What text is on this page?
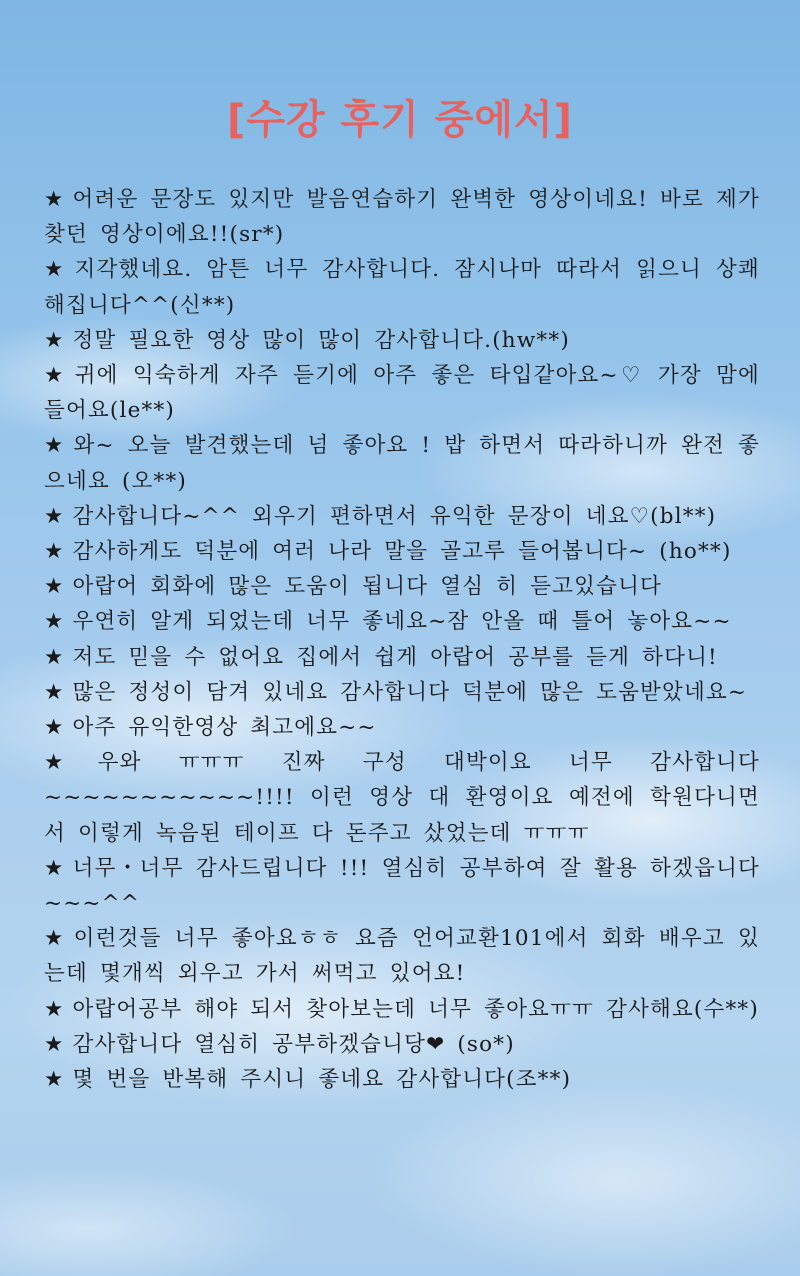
[수강 후기 중에서]
★ 어려운 문장도 있지만 발음연습하기 완벽한 영상이네요! 바로 제가 찾던 영상이에요!!(sr*)
★ 지각했네요. 암튼 너무 감사합니다. 잠시나마 따라서 읽으니 상쾌해집니다^^(신**)
★ 정말 필요한 영상 많이 많이 감사합니다.(hw**)
★ 귀에 익숙하게 자주 듣기에 아주 좋은 타입같아요~♡ 가장 맘에 들어요(le**)
★ 와~ 오늘 발견했는데 넘 좋아요 ! 밥 하면서 따라하니까 완전 좋으네요 (오**)
★ 감사합니다~^^ 외우기 편하면서 유익한 문장이 네요♡(bl**)
★ 감사하게도 덕분에 여러 나라 말을 골고루 들어봅니다~ (ho**)
★ 아랍어 회화에 많은 도움이 됩니다 열심 히 듣고있습니다
★ 우연히 알게 되었는데 너무 좋네요~잠 안올 때 틀어 놓아요~~
★ 저도 믿을 수 없어요 집에서 쉽게 아랍어 공부를 듣게 하다니!
★ 많은 정성이 담겨 있네요 감사합니다 덕분에 많은 도움받았네요~
★ 아주 유익한영상 최고에요~~
★ 우와 ㅠㅠㅠ 진짜 구성 대박이요 너무 감사합니다 ~~~~~~~~~~~!!!! 이런 영상 대 환영이요 예전에 학원다니면서 이렇게 녹음된 테이프 다 돈주고 샀었는데 ㅠㅠㅠ
★ 너무・너무 감사드립니다 !!! 열심히 공부하여 잘 활용 하겠읍니다~~~^^
★ 이런것들 너무 좋아요ㅎㅎ 요즘 언어교환101에서 회화 배우고 있는데 몇개씩 외우고 가서 써먹고 있어요!
★ 아랍어공부 해야 되서 찾아보는데 너무 좋아요ㅠㅠ 감사해요(수**)
★ 감사합니다 열심히 공부하겠습니당❤ (so*)
★ 몇 번을 반복해 주시니 좋네요 감사합니다(조**)
